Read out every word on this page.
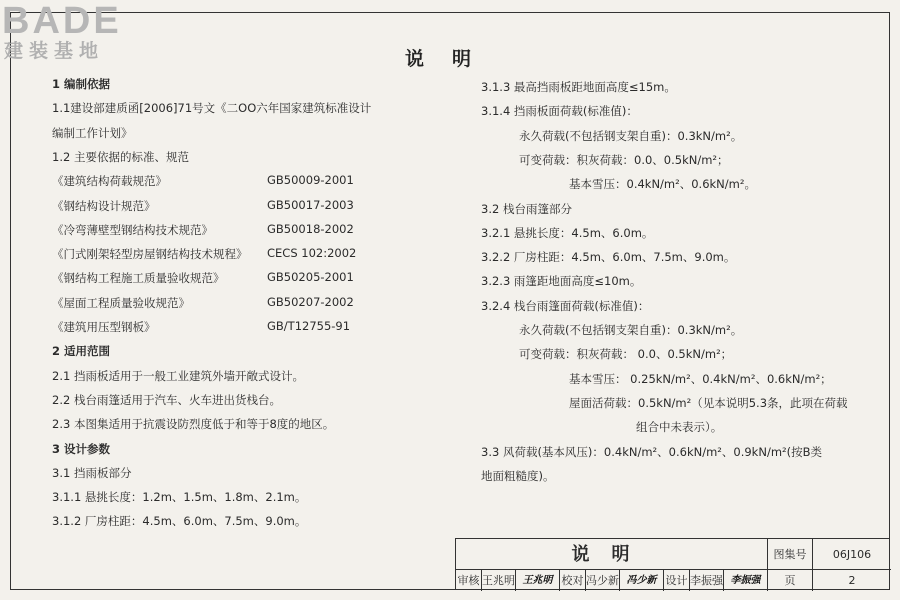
BADE
建装基地	说明
1 编制依据
1.1建设部建质函[2006]71号文《二ОО六年国家建筑标准设计
编制工作计划》
1.2 主要依据的标准、规范
《建筑结构荷载规范》	GB50009-2001
《钢结构设计规范》	GB50017-2003
《冷弯薄壁型钢结构技术规范》	GB50018-2002
《门式刚架轻型房屋钢结构技术规程》 CECS 102:2002
《钢结构工程施工质量验收规范》	GB50205-2001
《屋面工程质量验收规范》	GB50207-2002
《建筑用压型钢板》	GB/T12755-91
2 适用范围
2.1 挡雨板适用于一般工业建筑外墙开敞式设计。
2.2 栈台雨篷适用于汽车、火车进出货栈台。
2.3 本图集适用于抗震设防烈度低于和等于8度的地区。
3 设计参数
3.1 挡雨板部分
3.1.1 悬挑长度：1.2m、1.5m、1.8m、2.1m。
3.1.2 厂房柱距：4.5m、6.0m、7.5m、9.0m。
3.1.3 最高挡雨板距地面高度≤15m。
3.1.4 挡雨板面荷载(标准值)：
永久荷载(不包括钢支架自重)：0.3kN/m²。
可变荷载：积灰荷载：0.0、0.5kN/m²；
基本雪压：0.4kN/m²、0.6kN/m²。
3.2 栈台雨篷部分
3.2.1 悬挑长度：4.5m、6.0m。
3.2.2 厂房柱距：4.5m、6.0m、7.5m、9.0m。
3.2.3 雨篷距地面高度≤10m。
3.2.4 栈台雨篷面荷载(标准值)：
永久荷载(不包括钢支架自重)：0.3kN/m²。
可变荷载：积灰荷载： 0.0、0.5kN/m²；
基本雪压： 0.25kN/m²、0.4kN/m²、0.6kN/m²；
屋面活荷载：0.5kN/m²（见本说明5.3条，此项在荷载
组合中未表示）。
3.3 风荷载(基本风压)：0.4kN/m²、0.6kN/m²、0.9kN/m²(按B类
地面粗糙度)。
说明	图集号	06J106
审核 王兆明 王兆明 校对 冯少新 冯少新 设计 李振强 李振强	页	2
